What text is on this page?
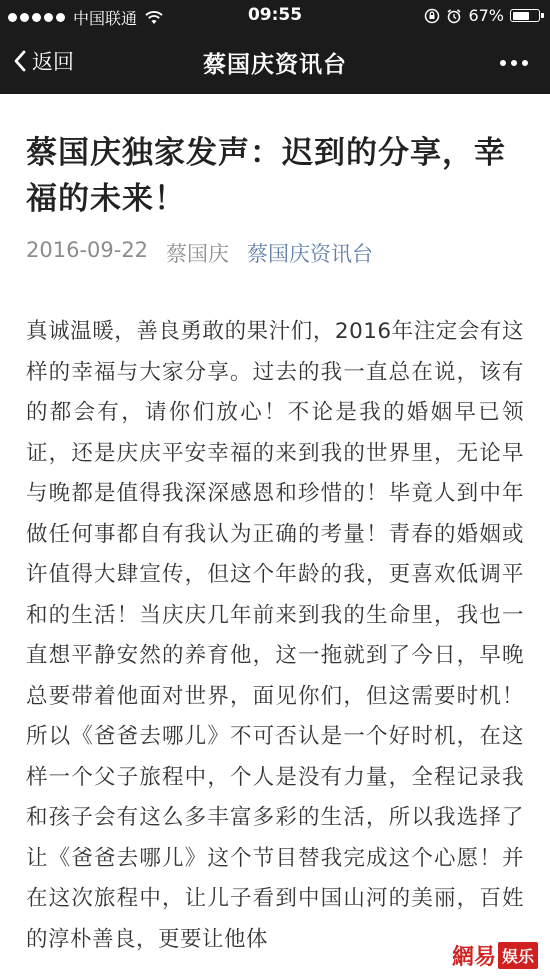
中国联通	09:55	67%
返回	蔡国庆资讯台
蔡国庆独家发声：迟到的分享，幸福的未来！
2016-09-22 蔡国庆 蔡国庆资讯台
真诚温暖，善良勇敢的果汁们，2016年注定会有这样的幸福与大家分享。过去的我一直总在说，该有的都会有，请你们放心！不论是我的婚姻早已领证，还是庆庆平安幸福的来到我的世界里，无论早与晚都是值得我深深感恩和珍惜的！毕竟人到中年做任何事都自有我认为正确的考量！青春的婚姻或许值得大肆宣传，但这个年龄的我，更喜欢低调平和的生活！当庆庆几年前来到我的生命里，我也一直想平静安然的养育他，这一拖就到了今日，早晚总要带着他面对世界，面见你们，但这需要时机！所以《爸爸去哪儿》不可否认是一个好时机，在这样一个父子旅程中，个人是没有力量，全程记录我和孩子会有这么多丰富多彩的生活，所以我选择了让《爸爸去哪儿》这个节目替我完成这个心愿！并在这次旅程中，让儿子看到中国山河的美丽，百姓的淳朴善良，更要让他体
網易 娱乐
